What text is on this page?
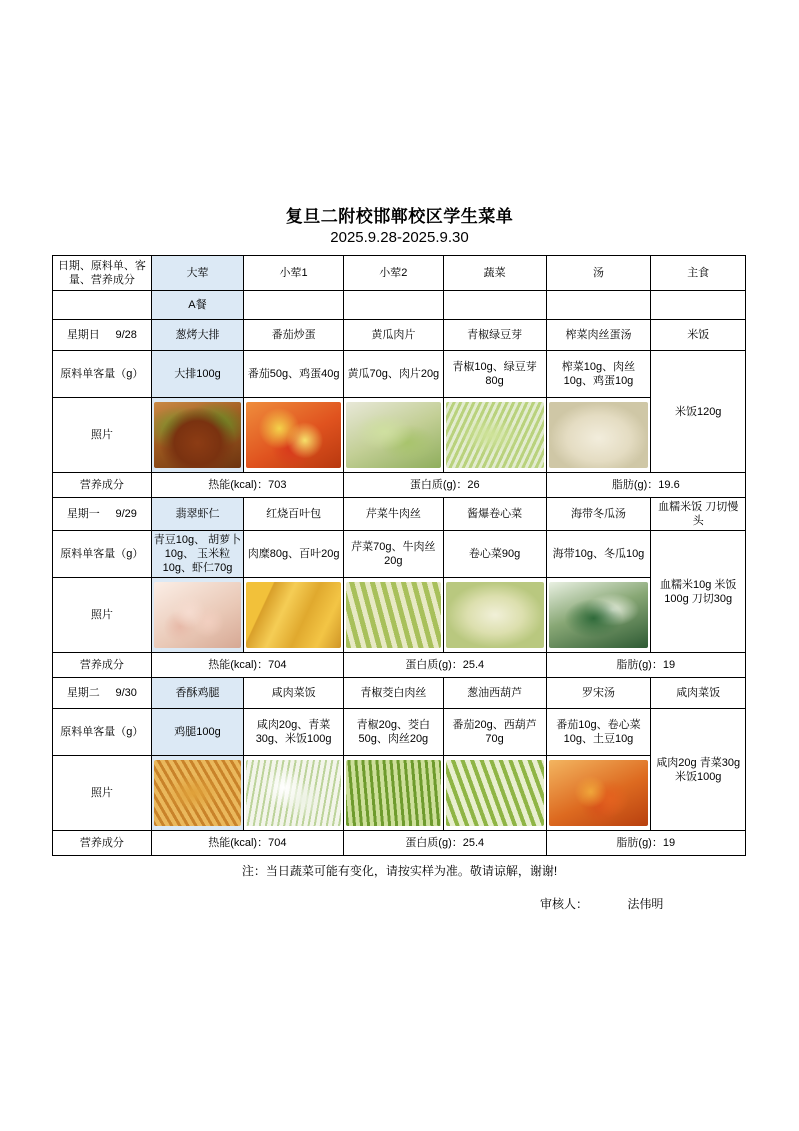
复旦二附校邯郸校区学生菜单
2025.9.28-2025.9.30
日期、原料单、客量、营养成分	大荤	小荤1	小荤2	蔬菜	汤	主食
	A餐					

星期日 9/28	葱烤大排	番茄炒蛋	黄瓜肉片	青椒绿豆芽	榨菜肉丝蛋汤	米饭
原料单客量（g）	大排100g	番茄50g、鸡蛋40g	黄瓜70g、肉片20g	青椒10g、绿豆芽80g	榨菜10g、肉丝10g、鸡蛋10g	米饭120g
照片		

营养成分	热能(kcal)：703		蛋白质(g)：26		脂肪(g)：19.6	

星期一 9/29	翡翠虾仁	红烧百叶包	芹菜牛肉丝	酱爆卷心菜	海带冬瓜汤	血糯米饭 刀切慢头
原料单客量（g）	青豆10g、 胡萝卜10g、 玉米粒10g、虾仁70g	肉糜80g、百叶20g	芹菜70g、牛肉丝20g	卷心菜90g	海带10g、冬瓜10g	血糯米10g 米饭100g 刀切30g
照片		

营养成分	热能(kcal)：704		蛋白质(g)：25.4		脂肪(g)：19	

星期二 9/30	香酥鸡腿	咸肉菜饭	青椒茭白肉丝	葱油西葫芦	罗宋汤	咸肉菜饭
原料单客量（g）	鸡腿100g	咸肉20g、青菜30g、米饭100g	青椒20g、茭白50g、肉丝20g	番茄20g、西葫芦70g	番茄10g、卷心菜10g、土豆10g	咸肉20g 青菜30g 米饭100g
照片		

营养成分	热能(kcal)：704		蛋白质(g)：25.4		脂肪(g)：19	
注：当日蔬菜可能有变化，请按实样为准。敬请谅解，谢谢!
审核人：	法伟明
